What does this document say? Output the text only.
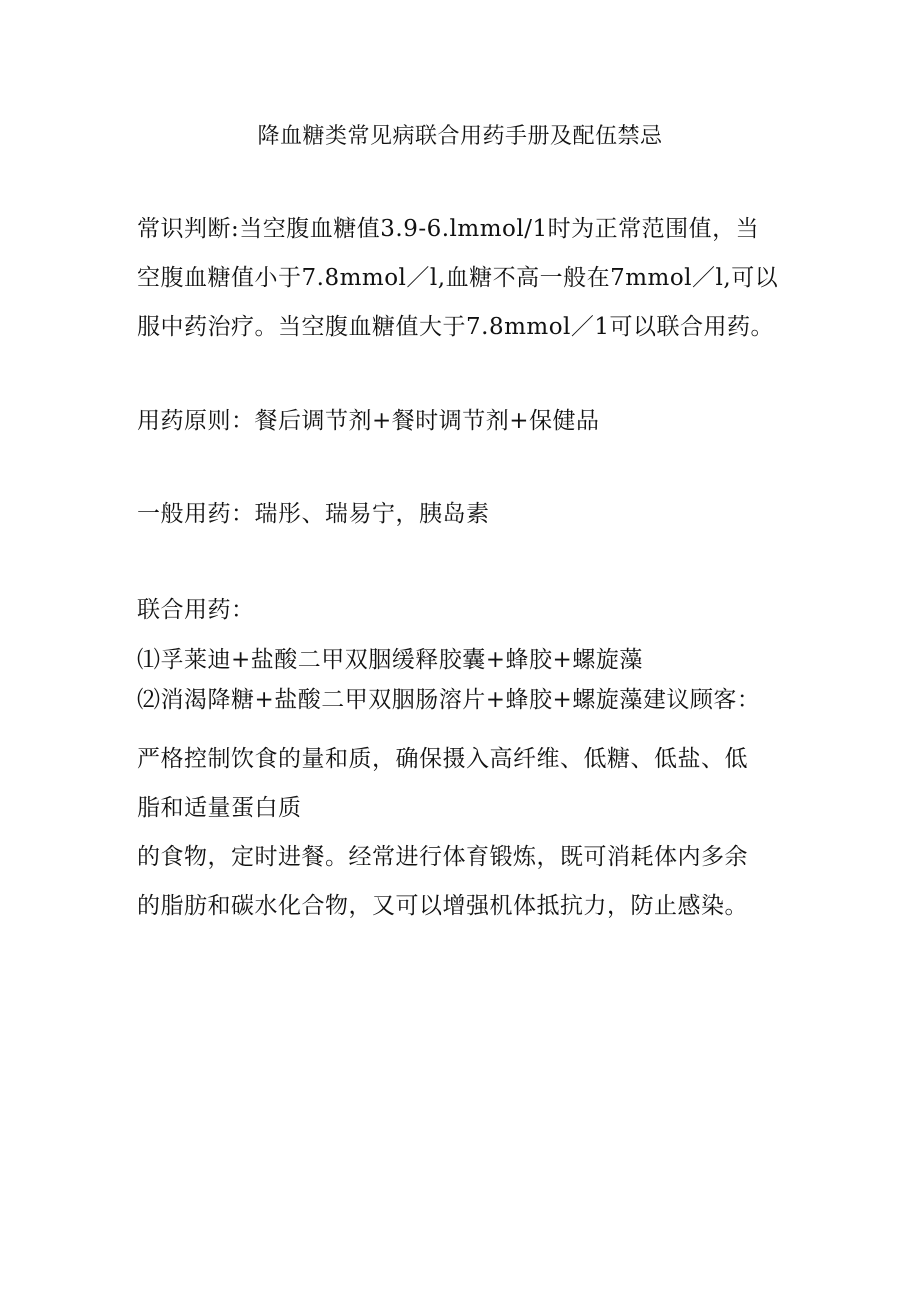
降血糖类常见病联合用药手册及配伍禁忌
常识判断:当空腹血糖值3.9-6.lmmol/1时为正常范围值，当
空腹血糖值小于7.8mmol／l,血糖不高一般在7mmol／l,可以
服中药治疗。当空腹血糖值大于7.8mmol／1可以联合用药。
用药原则：餐后调节剂+餐时调节剂+保健品
一般用药：瑞彤、瑞易宁，胰岛素
联合用药：
⑴孚莱迪+盐酸二甲双胭缓释胶囊+蜂胶+螺旋藻
⑵消渴降糖+盐酸二甲双胭肠溶片+蜂胶+螺旋藻建议顾客：
严格控制饮食的量和质，确保摄入高纤维、低糖、低盐、低
脂和适量蛋白质
的食物，定时进餐。经常进行体育锻炼，既可消耗体内多余
的脂肪和碳水化合物，又可以增强机体抵抗力，防止感染。
